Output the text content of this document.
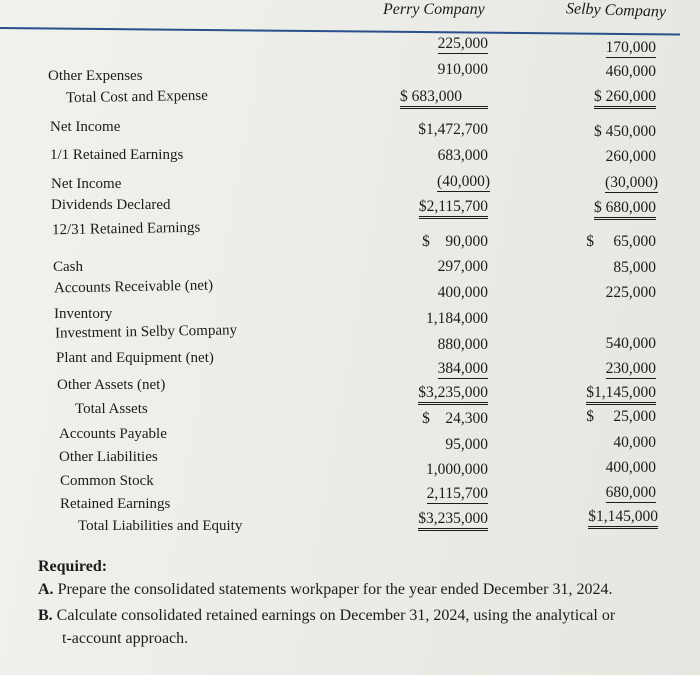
Perry Company	Selby Company
Other Expenses
Total Cost and Expense
Net Income
1/1 Retained Earnings
Net Income
Dividends Declared
12/31 Retained Earnings
Cash
Accounts Receivable (net)
Inventory
Investment in Selby Company
Plant and Equipment (net)
Other Assets (net)
Total Assets
Accounts Payable
Other Liabilities
Common Stock
Retained Earnings
Total Liabilities and Equity
225,000
910,000
$ 683,000
$1,472,700
683,000
(40,000)
$2,115,700
$    90,000
297,000
400,000
1,184,000
880,000
384,000
$3,235,000
$    24,300
95,000
1,000,000
2,115,700
$3,235,000
170,000
460,000
$ 260,000
$ 450,000
260,000
(30,000)
$ 680,000
$     65,000
85,000
225,000
540,000
230,000
$1,145,000
$     25,000
40,000
400,000
680,000
$1,145,000
Required:
A. Prepare the consolidated statements workpaper for the year ended December 31, 2024.
B. Calculate consolidated retained earnings on December 31, 2024, using the analytical or
t-account approach.
